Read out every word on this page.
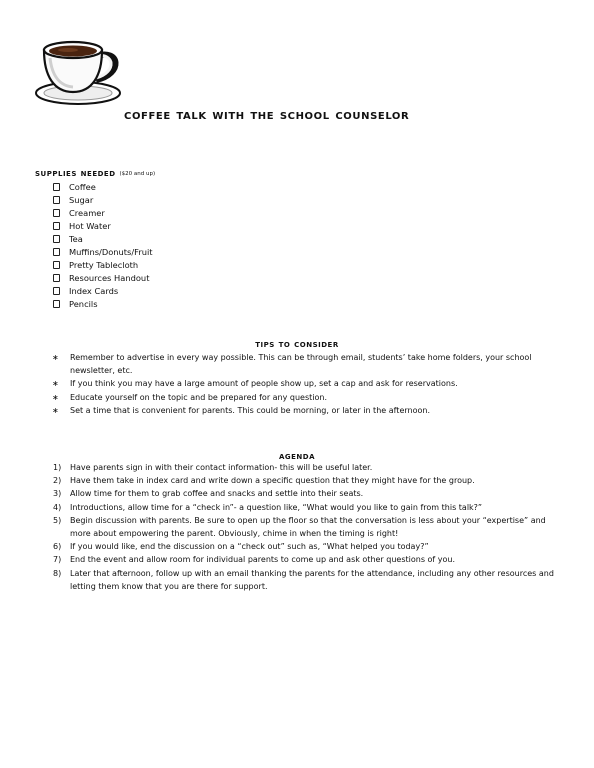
coffee talk with the school counselor
supplies needed ($20 and up)
Coffee
Sugar
Creamer
Hot Water
Tea
Muffins/Donuts/Fruit
Pretty Tablecloth
Resources Handout
Index Cards
Pencils
tips to consider
∗ Remember to advertise in every way possible. This can be through email, students’ take home folders, your school newsletter, etc.
∗ If you think you may have a large amount of people show up, set a cap and ask for reservations.
∗ Educate yourself on the topic and be prepared for any question.
∗ Set a time that is convenient for parents. This could be morning, or later in the afternoon.
agenda
1) Have parents sign in with their contact information- this will be useful later.
2) Have them take in index card and write down a specific question that they might have for the group.
3) Allow time for them to grab coffee and snacks and settle into their seats.
4) Introductions, allow time for a “check in”- a question like, “What would you like to gain from this talk?”
5) Begin discussion with parents. Be sure to open up the floor so that the conversation is less about your “expertise” and more about empowering the parent. Obviously, chime in when the timing is right!
6) If you would like, end the discussion on a “check out” such as, “What helped you today?”
7) End the event and allow room for individual parents to come up and ask other questions of you.
8) Later that afternoon, follow up with an email thanking the parents for the attendance, including any other resources and letting them know that you are there for support.
